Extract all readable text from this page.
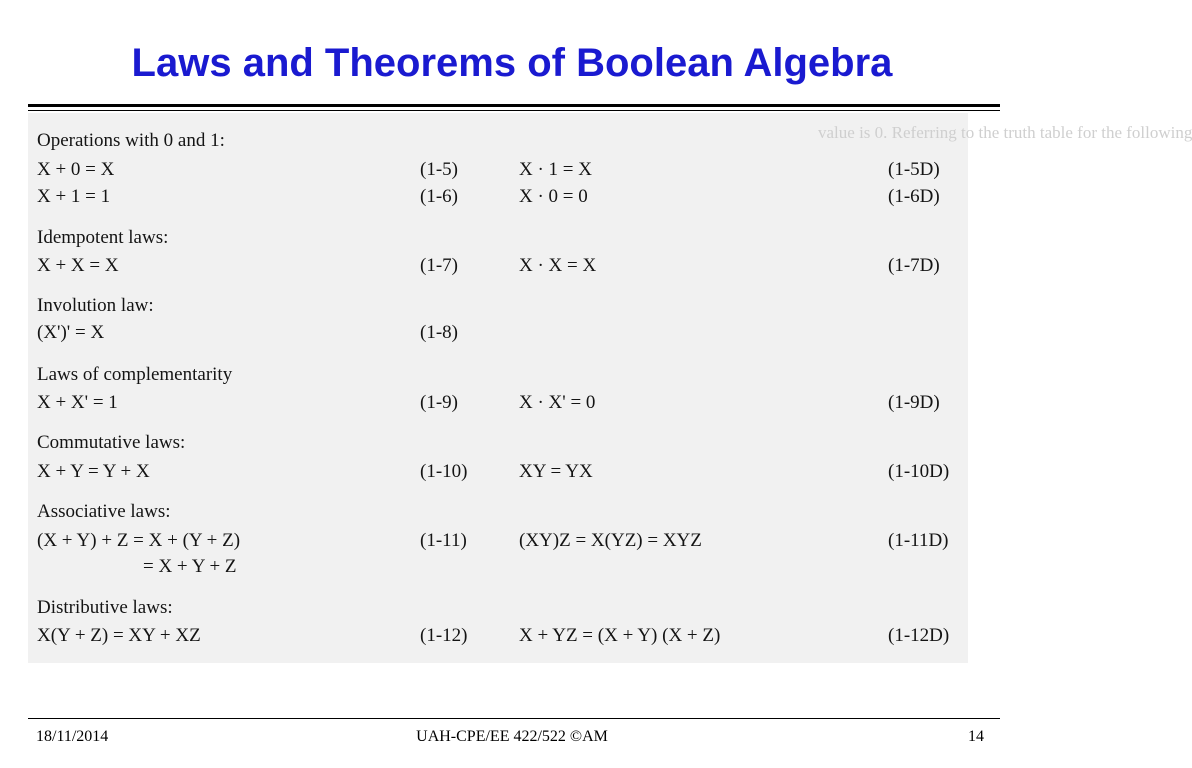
Laws and Theorems of Boolean Algebra
value is 0. Referring to the truth table for the following
Operations with 0 and 1:
X + 0 = X	(1-5)	X · 1 = X	(1-5D)
X + 1 = 1	(1-6)	X · 0 = 0	(1-6D)
Idempotent laws:
X + X = X	(1-7)	X · X = X	(1-7D)
Involution law:
(X')' = X	(1-8)
Laws of complementarity
X + X' = 1	(1-9)	X · X' = 0	(1-9D)
Commutative laws:
X + Y = Y + X	(1-10)	XY = YX	(1-10D)
Associative laws:
(X + Y) + Z = X + (Y + Z)	(1-11)	(XY)Z = X(YZ) = XYZ	(1-11D)
= X + Y + Z
Distributive laws:
X(Y + Z) = XY + XZ	(1-12)	X + YZ = (X + Y) (X + Z)	(1-12D)
18/11/2014	UAH-CPE/EE 422/522 ©AM	14
